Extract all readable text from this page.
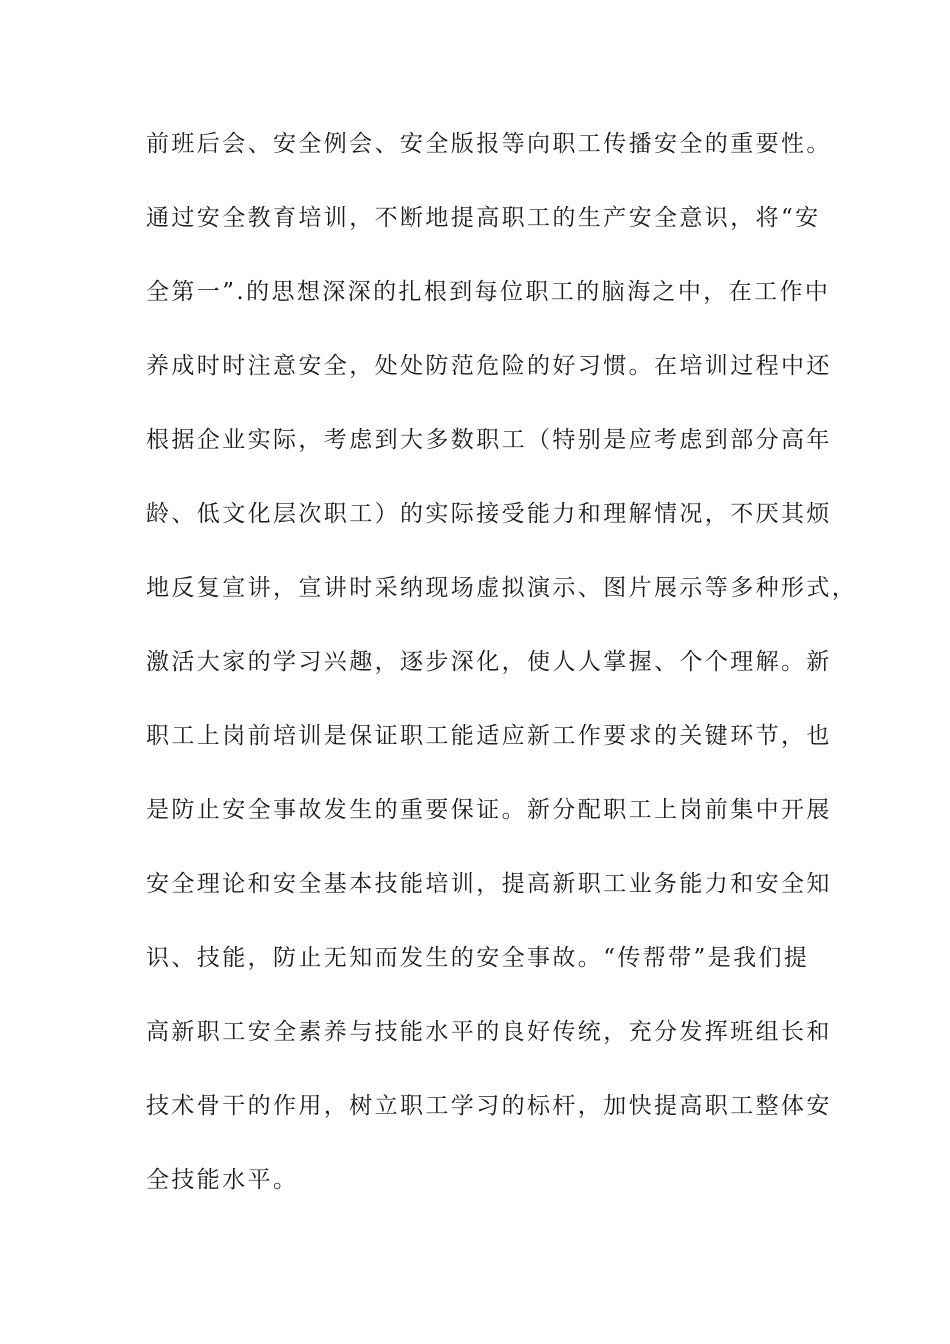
前班后会、安全例会、安全版报等向职工传播安全的重要性。
通过安全教育培训，不断地提高职工的生产安全意识，将“安
全第一”.的思想深深的扎根到每位职工的脑海之中，在工作中
养成时时注意安全，处处防范危险的好习惯。在培训过程中还
根据企业实际，考虑到大多数职工（特别是应考虑到部分高年
龄、低文化层次职工）的实际接受能力和理解情况，不厌其烦
地反复宣讲，宣讲时采纳现场虚拟演示、图片展示等多种形式，
激活大家的学习兴趣，逐步深化，使人人掌握、个个理解。新
职工上岗前培训是保证职工能适应新工作要求的关键环节，也
是防止安全事故发生的重要保证。新分配职工上岗前集中开展
安全理论和安全基本技能培训，提高新职工业务能力和安全知
识、技能，防止无知而发生的安全事故。“传帮带”是我们提
高新职工安全素养与技能水平的良好传统，充分发挥班组长和
技术骨干的作用，树立职工学习的标杆，加快提高职工整体安
全技能水平。
